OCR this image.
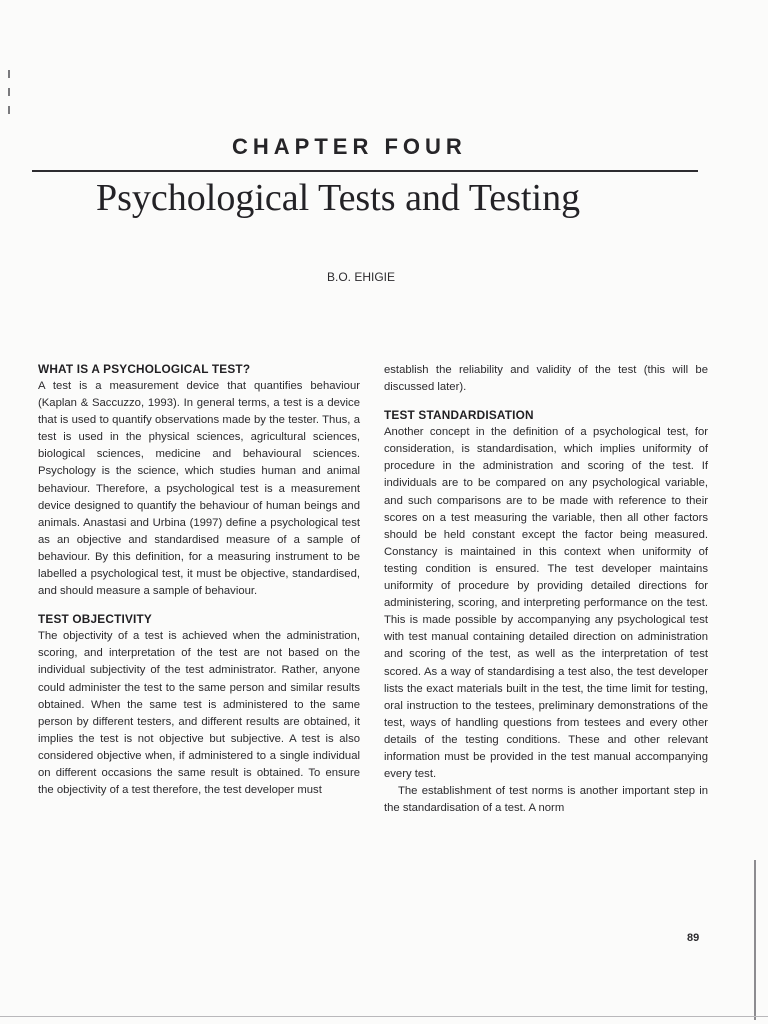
CHAPTER FOUR
Psychological Tests and Testing
B.O. EHIGIE
WHAT IS A PSYCHOLOGICAL TEST?

A test is a measurement device that quantifies behaviour (Kaplan & Saccuzzo, 1993). In general terms, a test is a device that is used to quantify observations made by the tester. Thus, a test is used in the physical sciences, agricultural sciences, biological sciences, medicine and behavioural sciences. Psychology is the science, which studies human and animal behaviour. Therefore, a psychological test is a measurement device designed to quantify the behaviour of human beings and animals. Anastasi and Urbina (1997) define a psychological test as an objective and standardised measure of a sample of behaviour. By this definition, for a measuring instrument to be labelled a psychological test, it must be objective, standardised, and should measure a sample of behaviour.

TEST OBJECTIVITY

The objectivity of a test is achieved when the administration, scoring, and interpretation of the test are not based on the individual subjectivity of the test administrator. Rather, anyone could administer the test to the same person and similar results obtained. When the same test is administered to the same person by different testers, and different results are obtained, it implies the test is not objective but subjective. A test is also considered objective when, if administered to a single individual on different occasions the same result is obtained. To ensure the objectivity of a test therefore, the test developer must

establish the reliability and validity of the test (this will be discussed later).

TEST STANDARDISATION

Another concept in the definition of a psychological test, for consideration, is standardisation, which implies uniformity of procedure in the administration and scoring of the test. If individuals are to be compared on any psychological variable, and such comparisons are to be made with reference to their scores on a test measuring the variable, then all other factors should be held constant except the factor being measured. Constancy is maintained in this context when uniformity of testing condition is ensured. The test developer maintains uniformity of procedure by providing detailed directions for administering, scoring, and interpreting performance on the test. This is made possible by accompanying any psychological test with test manual containing detailed direction on administration and scoring of the test, as well as the interpretation of test scored. As a way of standardising a test also, the test developer lists the exact materials built in the test, the time limit for testing, oral instruction to the testees, preliminary demonstrations of the test, ways of handling questions from testees and every other details of the testing conditions. These and other relevant information must be provided in the test manual accompanying every test.

The establishment of test norms is another important step in the standardisation of a test. A norm

89
